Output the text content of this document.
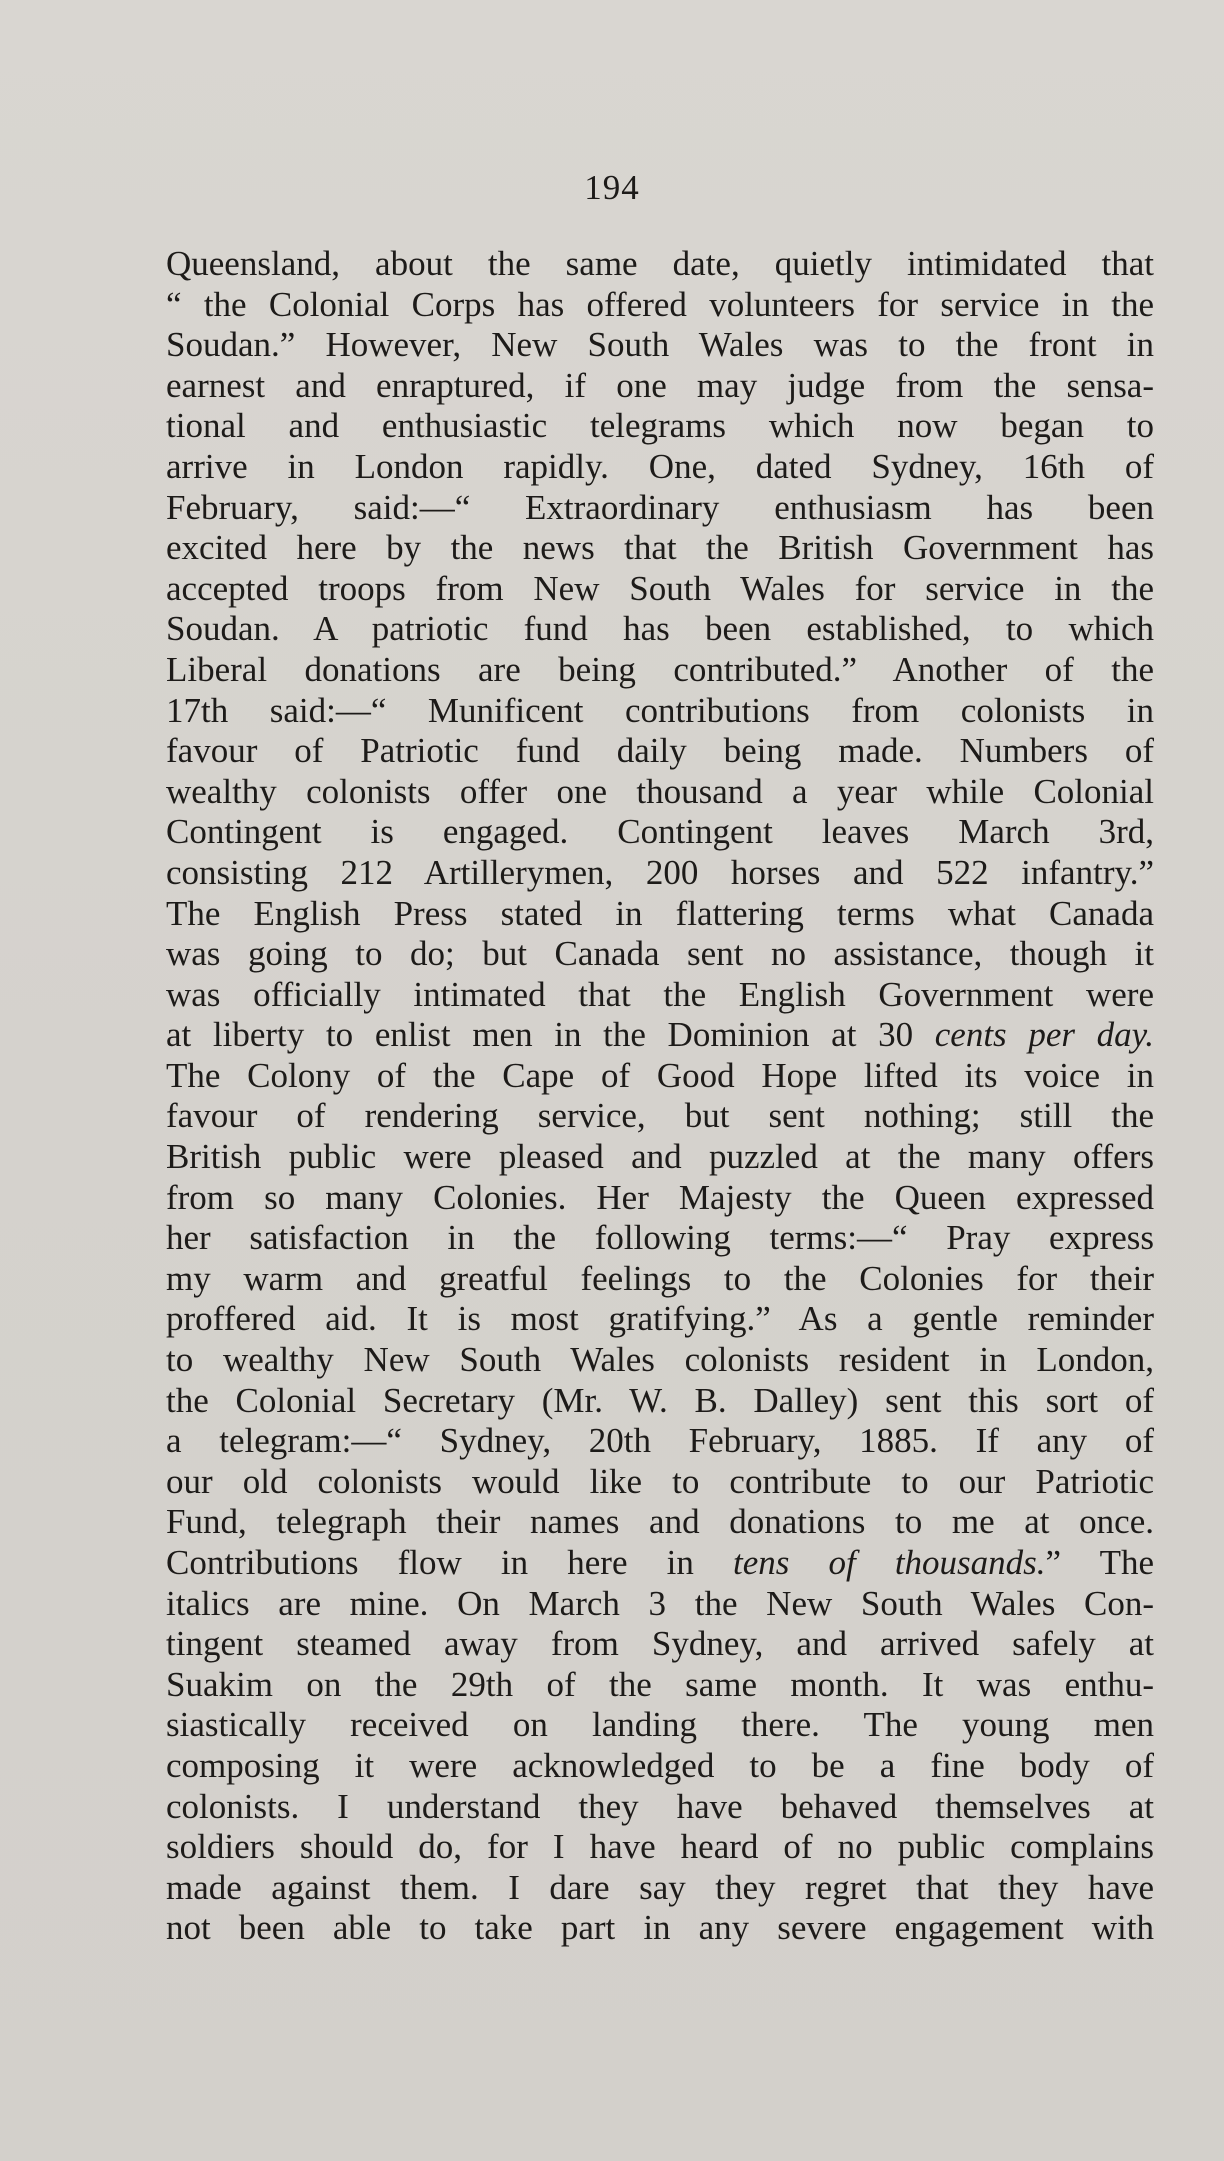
194
Queensland, about the same date, quietly intimidated that
“ the Colonial Corps has offered volunteers for service in the
Soudan.” However, New South Wales was to the front in
earnest and enraptured, if one may judge from the sensa-
tional and enthusiastic telegrams which now began to
arrive in London rapidly. One, dated Sydney, 16th of
February, said:—“ Extraordinary enthusiasm has been
excited here by the news that the British Government has
accepted troops from New South Wales for service in the
Soudan. A patriotic fund has been established, to which
Liberal donations are being contributed.” Another of the
17th said:—“ Munificent contributions from colonists in
favour of Patriotic fund daily being made. Numbers of
wealthy colonists offer one thousand a year while Colonial
Contingent is engaged. Contingent leaves March 3rd,
consisting 212 Artillerymen, 200 horses and 522 infantry.”
The English Press stated in flattering terms what Canada
was going to do; but Canada sent no assistance, though it
was officially intimated that the English Government were
at liberty to enlist men in the Dominion at 30 cents per day.
The Colony of the Cape of Good Hope lifted its voice in
favour of rendering service, but sent nothing; still the
British public were pleased and puzzled at the many offers
from so many Colonies. Her Majesty the Queen expressed
her satisfaction in the following terms:—“ Pray express
my warm and greatful feelings to the Colonies for their
proffered aid. It is most gratifying.” As a gentle reminder
to wealthy New South Wales colonists resident in London,
the Colonial Secretary (Mr. W. B. Dalley) sent this sort of
a telegram:—“ Sydney, 20th February, 1885. If any of
our old colonists would like to contribute to our Patriotic
Fund, telegraph their names and donations to me at once.
Contributions flow in here in tens of thousands.” The
italics are mine. On March 3 the New South Wales Con-
tingent steamed away from Sydney, and arrived safely at
Suakim on the 29th of the same month. It was enthu-
siastically received on landing there. The young men
composing it were acknowledged to be a fine body of
colonists. I understand they have behaved themselves at
soldiers should do, for I have heard of no public complains
made against them. I dare say they regret that they have
not been able to take part in any severe engagement with
